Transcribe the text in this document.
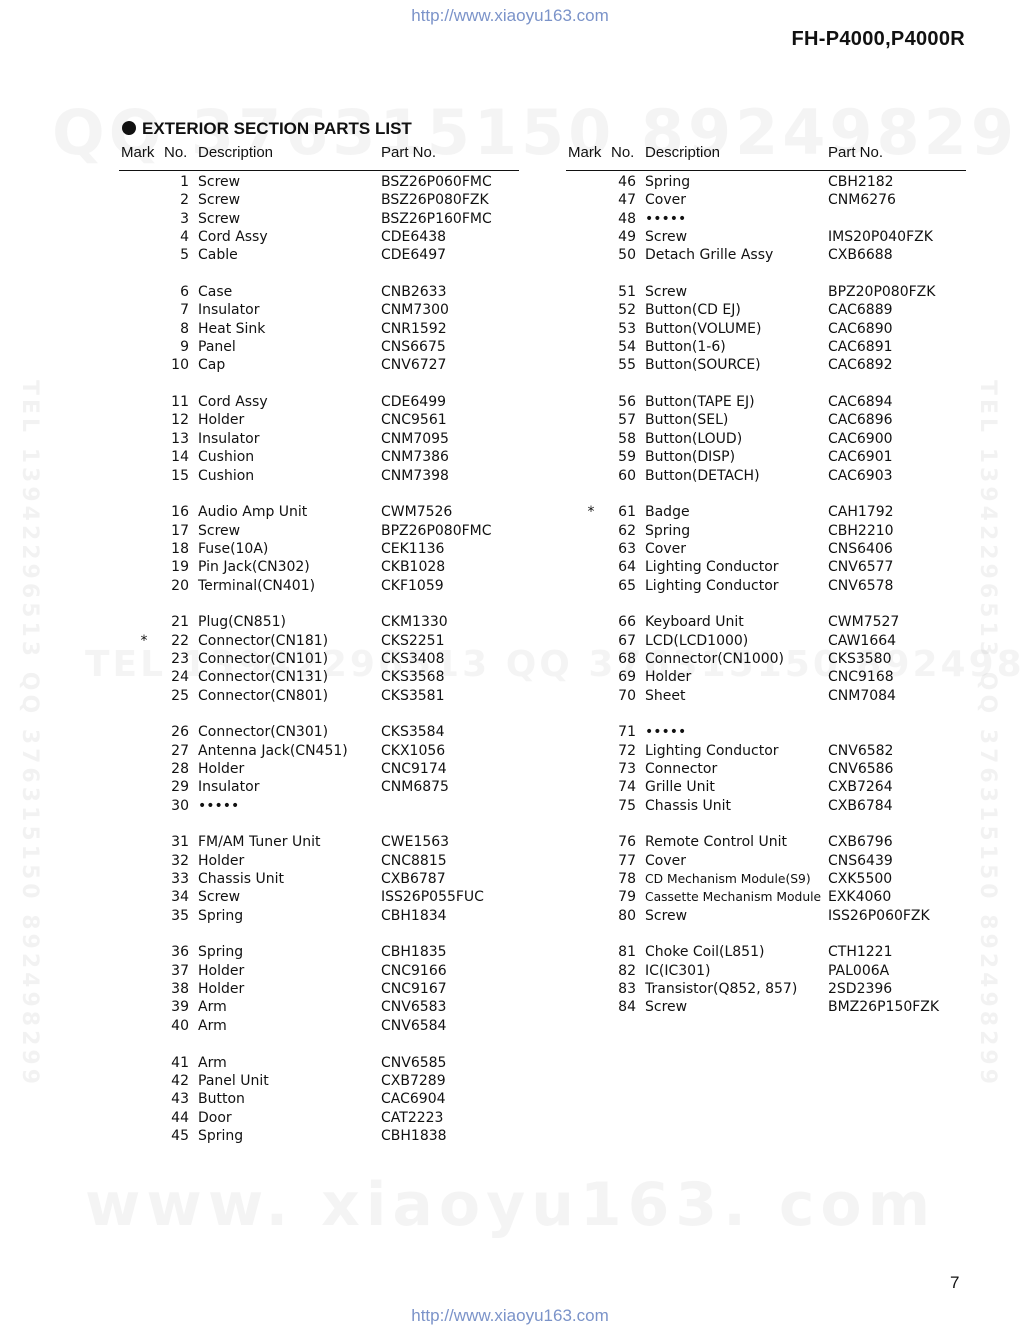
http://www.xiaoyu163.com
FH-P4000,P4000R
TEL 13942296513 QQ 376315150 892498299	TEL 13942296513 QQ 376315150 892498299
EXTERIOR SECTION PARTS LIST
Mark No. Description	Part No.
1 Screw	BSZ26P060FMC
2 Screw	BSZ26P080FZK
3 Screw	BSZ26P160FMC
4 Cord Assy	CDE6438
5 Cable	CDE6497
6 Case	CNB2633
7 Insulator	CNM7300
8 Heat Sink	CNR1592
9 Panel	CNS6675
10 Cap	CNV6727
11 Cord Assy	CDE6499
12 Holder	CNC9561
13 Insulator	CNM7095
14 Cushion	CNM7386
15 Cushion	CNM7398
16 Audio Amp Unit	CWM7526
17 Screw	BPZ26P080FMC
18 Fuse(10A)	CEK1136
19 Pin Jack(CN302)	CKB1028
20 Terminal(CN401)	CKF1059
21 Plug(CN851)	CKM1330
*	22 Connector(CN181)	CKS2251
23 Connector(CN101)	CKS3408
24 Connector(CN131)	CKS3568
25 Connector(CN801)	CKS3581
26 Connector(CN301)	CKS3584
27 Antenna Jack(CN451) CKX1056
28 Holder	CNC9174
29 Insulator	CNM6875
30 •••••
31 FM/AM Tuner Unit	CWE1563
32 Holder	CNC8815
33 Chassis Unit	CXB6787
34 Screw	ISS26P055FUC
35 Spring	CBH1834
36 Spring	CBH1835
37 Holder	CNC9166
38 Holder	CNC9167
39 Arm	CNV6583
40 Arm	CNV6584
41 Arm	CNV6585
42 Panel Unit	CXB7289
43 Button	CAC6904
44 Door	CAT2223
45 Spring	CBH1838
Mark No. Description	Part No.
46 Spring	CBH2182
47 Cover	CNM6276
48 •••••
49 Screw	IMS20P040FZK
50 Detach Grille Assy	CXB6688
51 Screw	BPZ20P080FZK
52 Button(CD EJ)	CAC6889
53 Button(VOLUME)	CAC6890
54 Button(1-6)	CAC6891
55 Button(SOURCE)	CAC6892
56 Button(TAPE EJ)	CAC6894
57 Button(SEL)	CAC6896
58 Button(LOUD)	CAC6900
59 Button(DISP)	CAC6901
60 Button(DETACH)	CAC6903
*	61 Badge	CAH1792
62 Spring	CBH2210
63 Cover	CNS6406
64 Lighting Conductor	CNV6577
65 Lighting Conductor	CNV6578
66 Keyboard Unit	CWM7527
67 LCD(LCD1000)	CAW1664
68 Connector(CN1000)	CKS3580
69 Holder	CNC9168
70 Sheet	CNM7084
71 •••••
72 Lighting Conductor	CNV6582
73 Connector	CNV6586
74 Grille Unit	CXB7264
75 Chassis Unit	CXB6784
76 Remote Control Unit	CXB6796
77 Cover	CNS6439
78 CD Mechanism Module(S9) CXK5500
79 Cassette Mechanism Module EXK4060
80 Screw	ISS26P060FZK
81 Choke Coil(L851)	CTH1221
82 IC(IC301)	PAL006A
83 Transistor(Q852, 857) 2SD2396
84 Screw	BMZ26P150FZK
7
http://www.xiaoyu163.com
